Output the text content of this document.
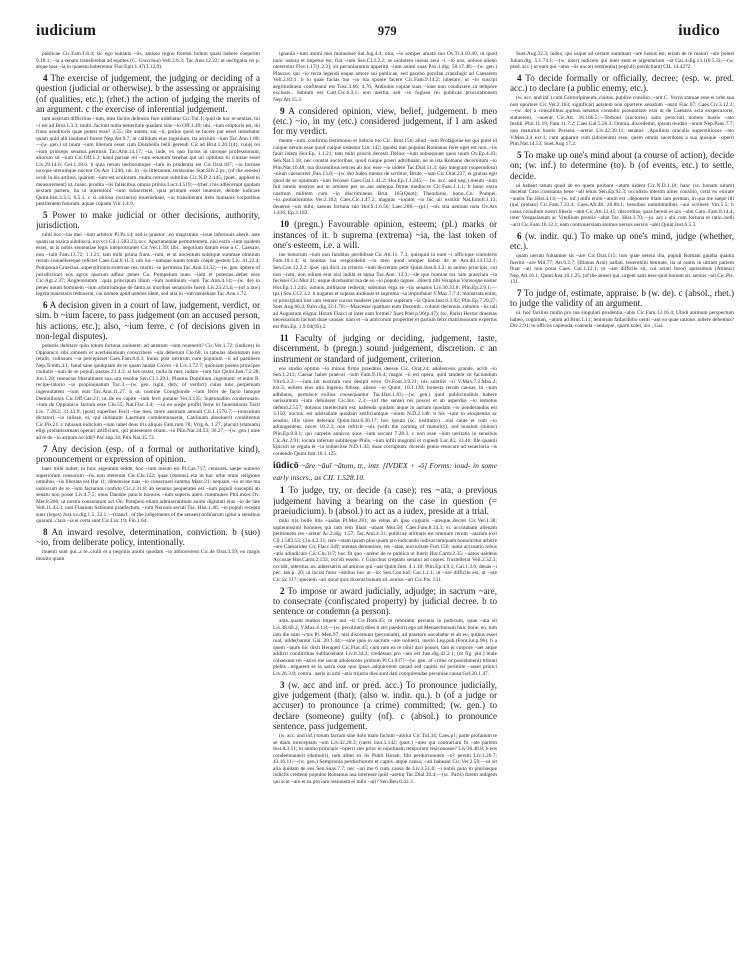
iudicium	979	iudico

publicae Cic.Fam.1.8.4; sic ego sublatis ~iis, amisso regno forensi ludum quasi habere coeperim 9.18.1; ~ia a senatu transferebat ad equites (C. Gracchus) Vell.2.6.3; Tac.Ann.12.22; ut uectigalia rei p. atque ipsa ~ia in quaestu haberentur Flor.Epit.1.47(3.12.9).

4 The exercise of judgement, the judging or deciding of a question (judicial or otherwise). b the assessing or appraising (of qualities, etc.); (rhet.) the action of judging the merits of an argument. c the exercise of inferential judgement.

tum uestrum difficilius ~ium, mea facilis defensio fore uidebatur Cic.Tul.1; quid de hac re sentias, tui ~i est ad Brut.1.3.3; multi..faciunt nulla temeritate quadam sine ~io Off.1.49; ubi..~ium emptoris est, ibi fraus uenditoris quae potest esse? 3.55; ille autem, sui ~ii, potius quod se facere par esset intuebatur quam quid alii laudaturi forent Nep.Att.9.7; ut callidum eius ingenium, ita anxium ~ium Tac.Ann.1.80; —(w. gen.) ut tuum ~ium liberum esset cum Dolabella belli gerendi Cic.ad Brut.1.20.1(4); cuius rei ~ium princeps senatui..permisit Tac.Ann.14.17; ~ia, inde, ex quo factus in utroque professionum, aliorum sit ~ium Cic.Off.1.3; haud paruae rei ~ium senatum tenebat qui uir optimus in ciuitate esset Liv.29.14.6; Gel.1.18.6. b quia rerum uerborumque ~ium in prudentia est Cic.Orat.187; ~io formae noxque uterumque nocent Ov.Ars 1.246; uir. in ~io litterarum..tersissime Stat.Silv.2.pr.; (of the senses) oculi in his artibus, quarum ~ium est oculorum..multa cernunt subtilius Cic.N.D.2.145; (poet., applied to measurement) ut..ruant..prodita ~iis fallacibus omnia primis Lucr.4.519;—(rhet.) his adiecerunt quidam sextam partem, ita ut inuentioni ~ium subsecteret, quia primum esset inuenire, deinde iudicare Quint.Inst.3.3.5; 6.5.1. c si..uitiosa (iocinera) inueniebant, ~io transiberant item humanis corporibus pestilentem futuram..aquae copiam Vitr.1.4.9.

5 Power to make judicial or other decisions, authority, jurisdiction.

nihil hoc ~ius mei ~ium arbitror Pl.Ps.14; sed is praetor ..eo magistratu ~ioue inferiouis aberit. aste quam ua ossica subdiscia..exvvc) Cil.1.583.23; occ. Aparumenlae permittentem, nisi extra ~ium quidem esset, ut is nobis sententiae legis inteprotrumet Cic.Ver.1.39; libi.. negotium datum esse a C. Caesare, non ~ium Fam.13.72; 1.1.21; tam mihi prima fiunt..~ium, et ut nocentum subtique summae omnium rerum conuellereque reliciet Caes.Gal.6.11.3; uib ius ~iumque suum totum coepit gestem Liv. 41.22.4; Pomponia Graecina..superstitionis externae rea, mariti ~io permissa Tac.Ann.13.32;—(w. gen. sphere of jurisdiction) eos agros quorum adhuc penes Cn. Pompeium nunc ~ium et potestas..debet esse Cic.Agr.2.37; Angleiorumm ..quia principum illum ~ium nominum ~ium Tac.Ann.4.14;—(w. de) in penes unum hominem ~ium arbitriumque de fama ac moribus senatoriis fuerit Liv.23.23.4;—(of a law) legem maiestatis reduxerat, cui nomen apud ueteres idem, sed alia in ~um ueniebant Tac.Ann.1.72.

6 A decision given in a court of law, judgement, verdict, or sim. b ~ium facere, to pass judgement (on an accused person, his actions, etc.); also, ~ium ferre. c (of decisions given in non-legal disputes).

potestis dubitare quin totum fortuna..uolueret. ad uestrum ~ium reuenerit? Cic.Ver.1.72; (iudices) in Oppianico sibi..omnem et acerbissimum conscribere ~ula deberunt Cle.60; in tabulas absolutum non retulit, collusum ~ia percepisset Caes.Fam.8.8.3; huius post uextrum cum populum ~ii ad paenitere Nep.Tcmth.4.1; haud sane quidquam de re quam laudat Cicero ~ii Liv.3.72.7; quoniam postea principes ciuitatis ~ium de se populi passos 21.4.3; si hes otstat, nulla hi met, iudare ~ium fuit Quint.Inst.7.2.28; Juv.1.28; reseactas liberalitates sua..ora resolue Sen.Cl.1.29.1; Plautus Domitium..ingenium: et enim R. recipe-tatorio ~io propinquatum Tac.3.—(w. gen. right, duty, of verdict) cuius tunc perpetuam ingenuitatem ~ium erat Tac.Ann.11.27. b ut. nomine Conighonde ~ium fecet de facto Iamque Demolibonis Cic.Off.Cae.21; ut..de eo capite ~ium ferri putatur Ver.3.135; Suetonadito conderonato. ~ium de Oppianico factum esse Clu.55; Nat.Flac.3.4; —in eo suspe profiti ferns in funerationis Tacit Liv. 7.28.2; 31.43.9; (post) superbus Fecit ~iue mes, more anemam amouit Cil.1.1570.7;—(oraculum dictator) ~io tulisse, ei, qui initiatum Laertium comdemnauerat, Catilinam absoluerit conditentus Cic.Pis.21. c tubiauit iudicium ~ium iubet deus tris aliquis Fam.rum 70; Vrrg.A. 1.27; placuit (statuam) eligi probatissimam operari artificium, qui praesentes etiam..~io Plin.Nat.34.53; 36.27;—(w. gen.) uine ad te de ~io armum accidit? Pac.sup.34; Plin.Nat.35.72.

7 Any decision (esp. of a formal or authoritative kind), pronouncement or expression of opinion.

haec mihi nubet; tu huic argentum redde, hoc ~ium meum est Pl.Cas.717; censores..saepe numero superiorum censorum ~iis..non steterunt Cic.Clu.122; quae (domus)..ela in hac urbe omni religione omnibus ~iis liberata est Har.11; dimensioe tuas ~io conseruari summa Marc.21; nequam ~io ut me ma uobiscum de re ~ium facturam confido Cic.2.31.8; ab senatus peoperates est ~ium populi susceptii ab senatu non posse Liv.4.7.5; onus Danube paucis honoris ~ium superis aneri communes Phil.msoc.Ov. Met.8.206; ut nostra consulatum act On. Pompeio etiam admiserantium animi dignitati eius ~io de late Vell.11.43.3; uoti Flauium Sabinum praefectum, ~ium Neronis secuti Tac. Hist.1.46; ~io populi recepta suns (leges) Just.xx.dig.1.5. 32.1;—(transf., of the judgements of the senses) ordinarum igitur a sensibus quarum..clara ~ia et certa sunt Cic.Luc.19; Fin.1.64.

8 An inward resolve, determination, conviction. b (suo) ~io, from deliberate policy, intentionally.

inuenti sunt qui..a re..ciuili et a negotiis animi quodam ~io abhorrerent Cic.de Orat.3.59; eo magis mouito quam

ignauia ~tum animi mei mutauisse Sal.Jug.4.4; otia, ~io semper amata suo Ov.Tr.4.10.40; ut quod nunc natura et impetus est, fiat ~ium Sen.Cl.2.2.2; se uiolarent iussus aeui ~i ~io nos, uoluos alieno utererotur Flor.1.17(1.2.3); sit pecuniarumis appetitit ~ium animi suas Pax.1.dig. 50.17.48;—(w. gen.) Plaucus, qui ~io recta legendi eaque amore sui publicae, sed pacebo porofan.,transfugit ad Caesarem Vell.2.83.1. b tu quae factas tuo ~io tua sponte facere Cic.Fam.9.14.2; iubetare, ut ~io suscipi aegritudinem confiteatur est Tusc.3.66; 4.76; Ambubis copiae suas ~ione non conduxere..ut tempore exclusis.. dubium est Curt.Cic.6.3.1; non inertia, sed ~io fugisse rei publicae procurationem Nep.Att.15.3.

9 A considered opinion, view, belief, judgement. b meo (etc.) ~io, in my (etc.) considered judgement, if I am asked for my verdict.

meum ~ium..confirmo testimonio et iudicio tuo Cic. Brut.156; aliud ~ium Protagorae est qui putet id cuique uerum esse quod cuique uideatur Luc.142; quodsi mei populus Romanus feret eget est non..~iis fauit iidem Hor.Ep. 1.1.21; tam mihi prioris decesit..Delius ~ium subseqouet quos tuum Ov.Ep.4.43; Sen.Nat.1.18; nec constat auctoribus, quod cuique praeri adtribuant, ne in ista Romano decernitum ~io Plin.Nat.16.48; tua discentibus retices ab hoc esse ~io uidere Tac.Dial.11.3; quo integram (superudosa) ~nium caesurarei ,Pan.13.8;—(w. de) Iudex mensa de scribtor, Brute, ~ium Cic.Orat.237, ei gratias egit quod de se optimum ~ium fecisset Caes.Gal.1.41.2; Hor.Ep.1.1.245;— (w. acc. and neg.) meum ~ium fuit omnis nostros aut ut ominee per se..aut antequa..ferme mediocre Cic.Fam.1.1.1; b bono extra nostrum militem cum ~io discrimineus Brut. 165(Quot); Theodorus, bono..Cn. Pompei. ~io..probatissimus Ver.2.102; Caes.Cic.1.47.2; magnus ~ionum ~io bic uir exstitit Nat.Emoll.1.13; deuerus ~uis mihi, saeuus fortuna suo Hor.S.1.6.56; Laec.206;—(pl.) ~ois sita ueniunt nota Ov.Ars 1.416; Ep.3.102.

10 (pregn.) Favourable opinion, esteem; (pl.) marks or instances of it. b suprema (extrema) ~ia, the last token of one's esteem, i.e. a will.

tue bonorum ~ium non funditus perdidisse Cic.Att.11. 7.3; quisquid in eum ~i officique contuleris Fam.10.1.4; si bonitas tua respondebit ~io meo quod semper habui de te Ant.dil.14.152.1; Sen.Con.12.2.2; ipse, qui dicit..in criteris ~ium decretum petit Quint.Inst.8.3.2; in animo principis, cui non ~ium, non odium erat nisi indita et tapsa Tac.Ann. 12.3;—de quo homine tot. tam praeclara ~ia fecissei Cic.Mur.41; usque dicebantur tua de eo ~io populo tagnes ..dilecti tibi Verapius Varisoqne noster Hor.Ep.1.1.245; iumnis..militarae redierat, subsinus erga se ~iis senatus Liv.30.33.8; Plin.Ep.2.9.1;—(pl.) Sen.Cl.2.3.2. b nugatus et suptias audiuuis et suprema ~ia improbauit V.Max.7.7.4; monstrata enim, ut principiani iust iam restare cursus maderet perdunor superant ~ia Quint.Inst.6.3.92; Plin.Ep.7.20.27; Suet.Aug.66.4; Pahx.dig.32.1.70;—Marcesas quattuor eum Decemb., colunti decennis..ratomis ~iis tali ad Augustum eligna; Horati Flacci ut inter eam formei? Suet.Poet.p.96(p.47); (sc. Paris) Hector diuersas necessarium faciunt duae causae: nam et ~ia amicorum properiter et partum felix matrimonium expertus est Plin.Ep. 1.9.94(95).2.

11 Faculty of judging or deciding, judgement, taste, discernment. b (pregn.) sound judgement, discretion. c an instrument or standard of judgement, criterion.

eos studio optimo ~io minus firmo praeditos deesse Cic. Orat.24; adolescens grande, acrib ~io Sen.1.213; Caesar habet praecor ~ium Fam.9.16.4; magni ~ii est opera, quid tandem sit faciundum Vitr.6.2.2;—~ium..bit nostrum non desipit error Ov.Font.3.9.21; nix..subtilis ~ii V.Max.7.2.Max.2; ext.3; ueliem eius utio ingenio fidisse, alieno ~io Quint. 10.1.130; honesta rerum causas, bi ~nim adhibeas, permisce exilius consequantur Tac.Hist.1.83;—(w. gen.) quid publicitudinis habere uerissimum ~ium debuisset Cic.Inv. 2.3;—(of the sense) res poscet et ab asperdus ~io remotus defend.2.557; dolosus intellectum est; habenda quidam atque in auriam quodam ~io ponderandus est 3.150; auctus. est adstraitale quodam artificiumque ~nium N.D.2.148. b his ~ium in eloquentia ac sensbu, illis uires delerunt Quint.Inst.6.30.17; hoc ipsum (sc. institutio) ..nisi caute et cum ~io adiungenteur, nocet 10.2.3; non refricit ~uis (with the coming of maturity), sed inualuit (minor) Plin.Ep.8.8.1; qui carpebs annicos suos ~ium uocant 7.28.3. c non esse ~ium ueritatis in sensibus Cic.Ac.2.91; locum inferunt subliteque Phils. ~ium infili mognitii et cupiedi Luc.85; 33.46; Ille quantii Epicuri se regula et ~io subiecitse N.D.1.43; duae corruptum. dicendi genus reuocare ad seuerioria ~is contendo Quint.Inst.10.1.125.

iūdicō ~āre ~āuī ~ātum, tr., intr. [IVDEX + -ō] Forms: ioud- in some early inscrs., as CIL 1.528.10.

1 To judge, try, or decide (a case); res ~ata, a previous judgement having a bearing on the case in question (= praeiudicium). b (absol.) to act as a iudex, preside at a trial.

mihi tris bolle litis ~aadas Pl.Mer.281; de rebus ab ipso cognitis ~atisque..decret Cic.Ver.1.38; sapientissimi homines qui tam rem illam ~abant Mur.58; Caes.Fam.8.14.3; si. accusabam alienam petitionem res ~aretur Ac.2.dig. 1.57; Tac.Ann.4.31; publicae utilitatis est omnium rerum ~atarum exit Cil.1.583.53; Clu.4.2.31; rem ~atam ipsam plus quam pro iudicando iudicat tamquam bonoraritur arbitre ~are Caesarides Cic.Flacc.349; mentas denuntiare, res ~atae, auctoritate Furt.156; uutra accusatio rebus ~atis adiudicare Cic.Clu.117; hoc fit quo ~aretur de re publica ut fuerit Hor.Carm.2.35; ~aatos ualdeus Accusae Hor.Carm.2.133; occidi esseni. c Gracchus creptam senatui ad copies. frustellerat Vell.2.32.3; occidit, interitus..ut..adnersariis ad amicos qui ~aat Quint.Inst. 4.1.18; Plin.Ep.4.9.1; Gai.1.3.6; deuas ~i pec. tab.p. 20; ut inciat futur ~abibus hoc ut ~io; Sen.Con.tud; Gai.1.2.1; ut ~are difficile est, ut ~are Cic.Sc.117; speciem ~ari quod quis dixerat bonum sit..senius ~ari Cic.Pis. 131.

2 To impose or award judicially, adjudge; in sacrum ~are, to consecrate (confiscated property) by judicial decree. b to sentence or condemn (a person).

ante..quam multos impetr aut ~ti Cic.Dom.45; ni reboratur pecunia in pubicum, quae ~ata sit Liv.38.60.2; V.Max.4.1.8;—(w. peculium) diles ti stri paedori) ego ad Menaechnnum huic bone, eo, tum iam die sum ~ctus Pl. Men.97; nisi discernunt (pecuniam), ad praetore uocabatur et ab eo, quibus essei rual, uilde(bantur Gai. 20.1.44;—sine quis in sacrum ~are uoluerit, inerio Leg.pub.(Font.iur.p.96). b a quem ~atum hic dixit Heraperi Cic.Flac.45; cum non ea re nihil dari posset, tam ei corpore ~aet atque addixit conditribus subfaciebant Liv.8.34.2; credessus pro ~ato est Just.dig.42.2.1; (m fig. phr.) male cohaesum rei ~ativs me uocat adolescens probum Pl.Ci.937;—(w. gen. of crime or punishment) tribuni plebis ..negarent se in sacra esse quo ipsos..adquirerent quoad sed capitis rei perimite ~asset prinici Liv.26.3.8; contra.. aeris in urbi ~atis trijuria dies sunt dati conquirendae pecuniae causa Gel.20.1.47.

3 (w. acc and inf. or pred. acc.) To pronounce judicially, give judgement (that); (also w. indir. qu.). b (of a judge or accuser) to pronounce (a crime) committed; (w. gen.) to declare (someone) guilty (of). c (absol.) to pronounce sentence, pass judgement.

(w. acc. and inf.) totum factum sine dolo malo factum ~abitur Cic.Tul.34; Caes.p1; parte profanum te se diam inreceptam ~um Liv.42.28.3; (uerts inut.3.142; (part.) ~ates qui contrarium fit ~ate partem Inst.8.3.51; in animo principis ~operri ster prior in nipulinam temporum resiconosse? Liv.36.48.8; b eos condemnauerit (dumuiri), tum aliter ex lis Publi Horati, fibi perductoonem ~o? perstit Liv.1.26.7; 43.16.11;—(w. gen.) Sempronia perducborum et captis..atque causa; ~ati habeant Cic.Ver.2.59;—ut sit alia quidam de eos Sen.Suas.7.7; nec ~ari me 6 cum..causa de Liv.3.51.0; ~i nobis puto in pluriseque indiciis credenti populos Romanus usa interesse quid ~aretur Tac.Dial.39.4;—(sc. Paris) furem indigem qui scut ~are et ea pro iam rasionem ei mihi ~ari? Sen.Ben.6.42.3.

Suet.Aug.32.3; iudex, qui usque ad certam summam ~are iussus est, etiam de re maiori ~are potest Julian.dig. 5.1.74.1;—(w. inter) iudicem qui inter eum et argentarium ~at Gai.4.dig.13.1(0.5.3);—(w. pred. acc.) ut eum qui ~atus ~iis uocat) sent(entia) pop(uli) pon)ictiant) CIL 14.4272.

4 To decide formally or officially, decree; (esp. w. pred. acc.) to declare (a public enemy, etc.).

(w. acc. and inf.) cum Centuripineum..ciuitas..publice consilio..~arit C. Verris statuae esse ei urbe sua non oportere Cic.Ver.2.163; significari aetatem non oportere..senatum ~aurit Flac.67; Caes.Civ.3.12.3;—(w. de) a consultibus..quibus..senatus consulto pronuntiare erat ut de Caesaris acta exspecaroret, statuerent, ~auerat Cic.Att. 16.16b.5;—Terboni (auctores) satis perscruti nomen hostis ~ato Instib..Phil.11.19; Fam.11.7.2; Caes.Gal.5.56.3; Omnia..discedemit, ipsum reuduo ~arunt Nep.Paus.7.7; quo maturius hostis Perseus ~aretur Liv.42.30.11; senatus ..Apollinis oraculis superstitiosos ~ato V.Max.3.4 ext.1; cum apparuit cum (idoineum) esse, quem omnis sacerdotes a sua quisque ~operit Plin.Nat.14.53; Suet.Aug.17.2.

5 To make up one's mind about (a course of action), decide on; (w. inf.) to determine (to). b (of events, etc.) to settle, decide.

ul habent ratum quod ab eo quem probant ~atum uident Cic.N.D.1.10; hanc (sc. bonam uitam) ducebat Cato..constanta bene ~ati tenas Sen.Ep.92.3; occulisto interim aliter consilio, certa ex enirate ~auera Tac.Hist.4.14;—(w. inf.) mihi enim ~atum est ..deponere illam iam perman, in qua me saepe illi (qui proban) Cic.Fam.7.33.4; Caes.Afr.48. 20.8b.1; breuibus uolumbinibus ~aui scribere Vitr.5.5; b casus conullum nostri liberis ~abit Cic.Att.13.45; discordias, quas bereni et uix ~abit Cato..Fam.8.14.4; inter Vespasianum ac Vitellium prenlia ~abat Tac. Hist.3.70;—ju. acc.) ubi..rom fortuna et ratio..belli ~arit Cic.Fam.16.12.1; eam controuersiam animus uersus uersiis ~abit Quint.Inst.6.5.3.

6 (w. indir. qu.) To make up one's mind, judge (whether, etc.).

quam uerum fuluamne sit ~are Cic.Orat.115; non quae uetera illa, populi Romani gaudia quanta fuerint ~are Mil.77; Att.6.2.7; (Blanus Arni) uallati. leuerobibi benitate, ita ut ouitis in uitram pariem fluat ~ari non posst Caes. Gal.1.12.1; ut ~are difficile sit, cui actati furori aptissimus (Attieus) Nep.Att.16.1; Quint.Inst.10.1.25; (of the sense) qui. urgent satis esse quid bonum sit..senius ~ari Cic.Pis. 131.

7 To judge of, estimate, appraise. b (w. de). c (absol., rhet.) to judge the validity of an argument.

ui. hoc facilius multo pro tua singulari prudentia ~abis Cic.Fam.13.16.4; Ubidi animum perspectum habeo, cognitum, ~atum ad Brut.1.11; leniorum fallacibilio uenti ~ant ea quae ratione..uidere debemus? Div.2.91; in officiis capienda, coaeuda ~andaque, quarti solet, uix., Gai.
